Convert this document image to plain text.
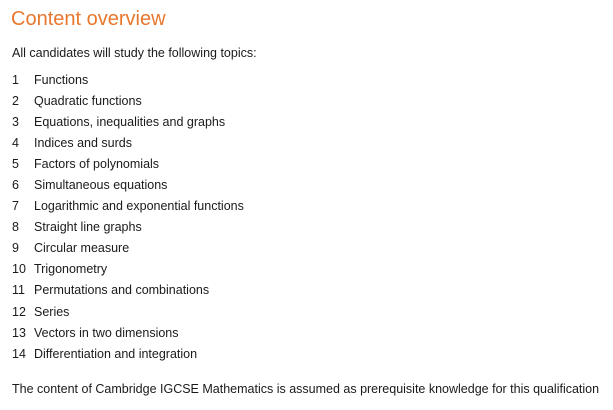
Content overview

All candidates will study the following topics:

1	Functions
2	Quadratic functions
3	Equations, inequalities and graphs
4	Indices and surds
5	Factors of polynomials
6	Simultaneous equations
7	Logarithmic and exponential functions
8	Straight line graphs
9	Circular measure
10 Trigonometry
11 Permutations and combinations
12 Series
13 Vectors in two dimensions
14 Differentiation and integration

The content of Cambridge IGCSE Mathematics is assumed as prerequisite knowledge for this qualification
